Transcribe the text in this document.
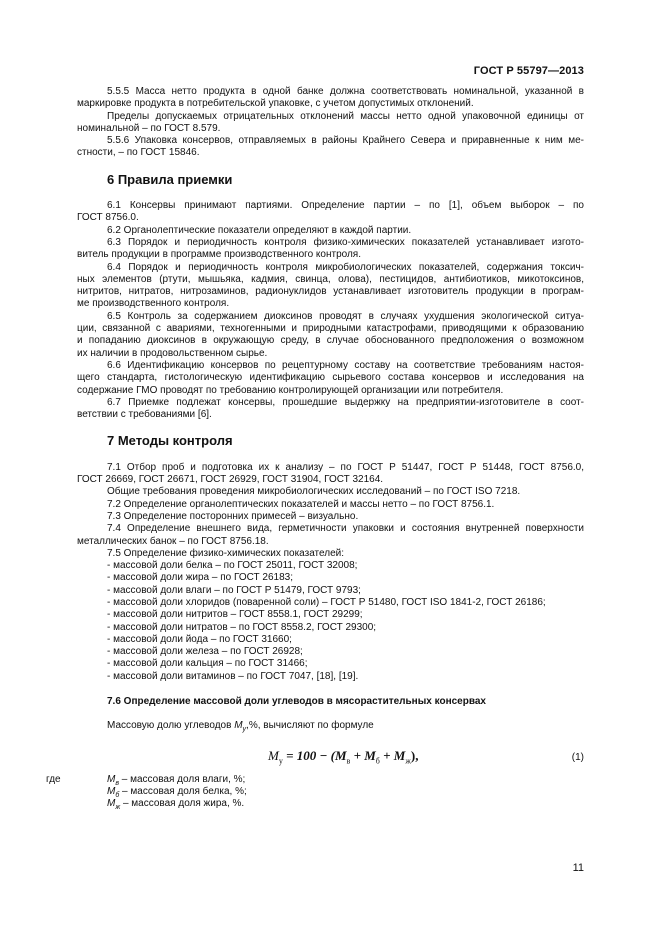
ГОСТ Р 55797—2013
5.5.5 Масса нетто продукта в одной банке должна соответствовать номинальной, указанной в
маркировке продукта в потребительской упаковке, с учетом допустимых отклонений.
Пределы допускаемых отрицательных отклонений массы нетто одной упаковочной единицы от
номинальной – по ГОСТ 8.579.
5.5.6 Упаковка консервов, отправляемых в районы Крайнего Севера и приравненные к ним ме-
стности, – по ГОСТ 15846.
6 Правила приемки
6.1 Консервы принимают партиями. Определение партии – по [1], объем выборок – по
ГОСТ 8756.0.
6.2 Органолептические показатели определяют в каждой партии.
6.3 Порядок и периодичность контроля физико-химических показателей устанавливает изгото-
витель продукции в программе производственного контроля.
6.4 Порядок и периодичность контроля микробиологических показателей, содержания токсич-
ных элементов (ртути, мышьяка, кадмия, свинца, олова), пестицидов, антибиотиков, микотоксинов,
нитритов, нитратов, нитрозаминов, радионуклидов устанавливает изготовитель продукции в програм-
ме производственного контроля.
6.5 Контроль за содержанием диоксинов проводят в случаях ухудшения экологической ситуа-
ции, связанной с авариями, техногенными и природными катастрофами, приводящими к образованию
и попаданию диоксинов в окружающую среду, в случае обоснованного предположения о возможном
их наличии в продовольственном сырье.
6.6 Идентификацию консервов по рецептурному составу на соответствие требованиям настоя-
щего стандарта, гистологическую идентификацию сырьевого состава консервов и исследования на
содержание ГМО проводят по требованию контролирующей организации или потребителя.
6.7 Приемке подлежат консервы, прошедшие выдержку на предприятии-изготовителе в соот-
ветствии с требованиями [6].
7 Методы контроля
7.1 Отбор проб и подготовка их к анализу – по ГОСТ Р 51447, ГОСТ Р 51448, ГОСТ 8756.0,
ГОСТ 26669, ГОСТ 26671, ГОСТ 26929, ГОСТ 31904, ГОСТ 32164.
Общие требования проведения микробиологических исследований – по ГОСТ ISO 7218.
7.2 Определение органолептических показателей и массы нетто – по ГОСТ 8756.1.
7.3 Определение посторонних примесей – визуально.
7.4 Определение внешнего вида, герметичности упаковки и состояния внутренней поверхности
металлических банок – по ГОСТ 8756.18.
7.5 Определение физико-химических показателей:
- массовой доли белка – по ГОСТ 25011, ГОСТ 32008;
- массовой доли жира – по ГОСТ 26183;
- массовой доли влаги – по ГОСТ Р 51479, ГОСТ 9793;
- массовой доли хлоридов (поваренной соли) – ГОСТ Р 51480, ГОСТ ISO 1841-2, ГОСТ 26186;
- массовой доли нитритов – ГОСТ 8558.1, ГОСТ 29299;
- массовой доли нитратов – по ГОСТ 8558.2, ГОСТ 29300;
- массовой доли йода – по ГОСТ 31660;
- массовой доли железа – по ГОСТ 26928;
- массовой доли кальция – по ГОСТ 31466;
- массовой доли витаминов – по ГОСТ 7047, [18], [19].
7.6 Определение массовой доли углеводов в мясорастительных консервах
Массовую долю углеводов $M_у,\%$, вычисляют по формуле
$M_у = 100 - (M_в + M_б + M_ж)$,	(1)
где	$M_в$ – массовая доля влаги, %;
$M_б$ – массовая доля белка, %;
$M_ж$ – массовая доля жира, %.
11
